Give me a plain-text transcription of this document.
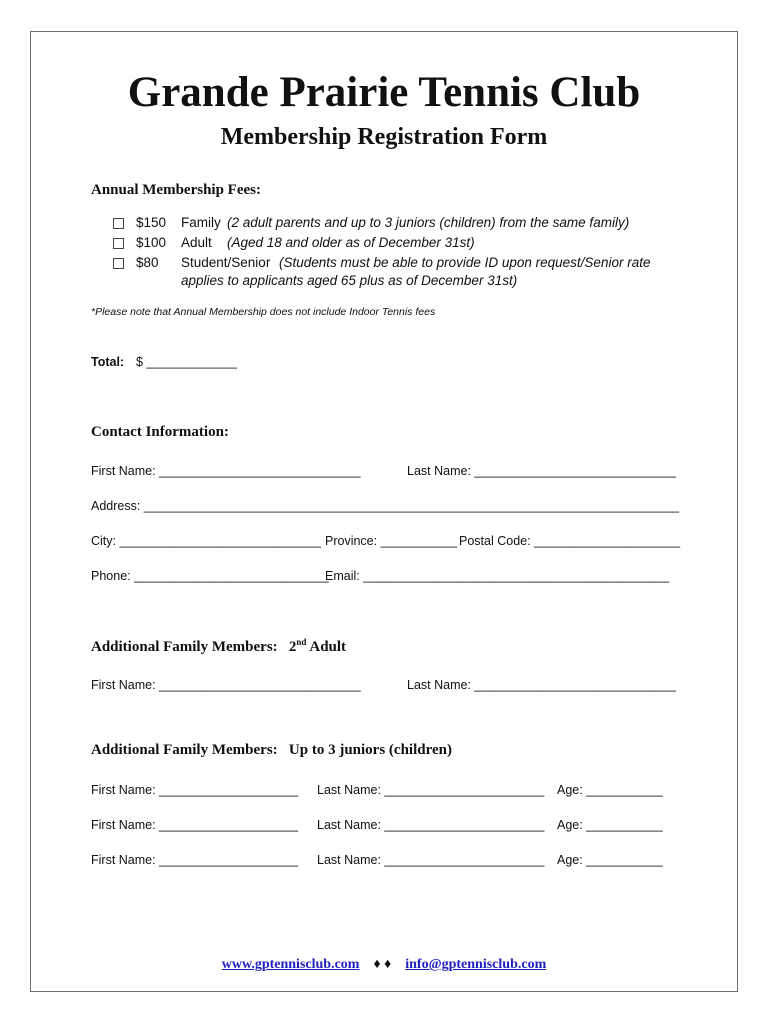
Grande Prairie Tennis Club
Membership Registration Form
Annual Membership Fees:
$150 Family (2 adult parents and up to 3 juniors (children) from the same family)
$100 Adult (Aged 18 and older as of December 31st)
$80 Student/Senior (Students must be able to provide ID upon request/Senior rate
applies to applicants aged 65 plus as of December 31st)
*Please note that Annual Membership does not include Indoor Tennis fees
Total: $ _____________
Contact Information:
First Name: _____________________________	Last Name: _____________________________
Address: _____________________________________________________________________________
City: _____________________________ Province: ___________ Postal Code: _____________________
Phone: ____________________________
Email: ____________________________________________
Additional Family Members: 2nd Adult
First Name: _____________________________	Last Name: _____________________________
Additional Family Members: Up to 3 juniors (children)
First Name: ____________________ Last Name: _______________________ Age: ___________
First Name: ____________________ Last Name: _______________________ Age: ___________
First Name: ____________________ Last Name: _______________________ Age: ___________
www.gptennisclub.com ♦ ♦ info@gptennisclub.com
